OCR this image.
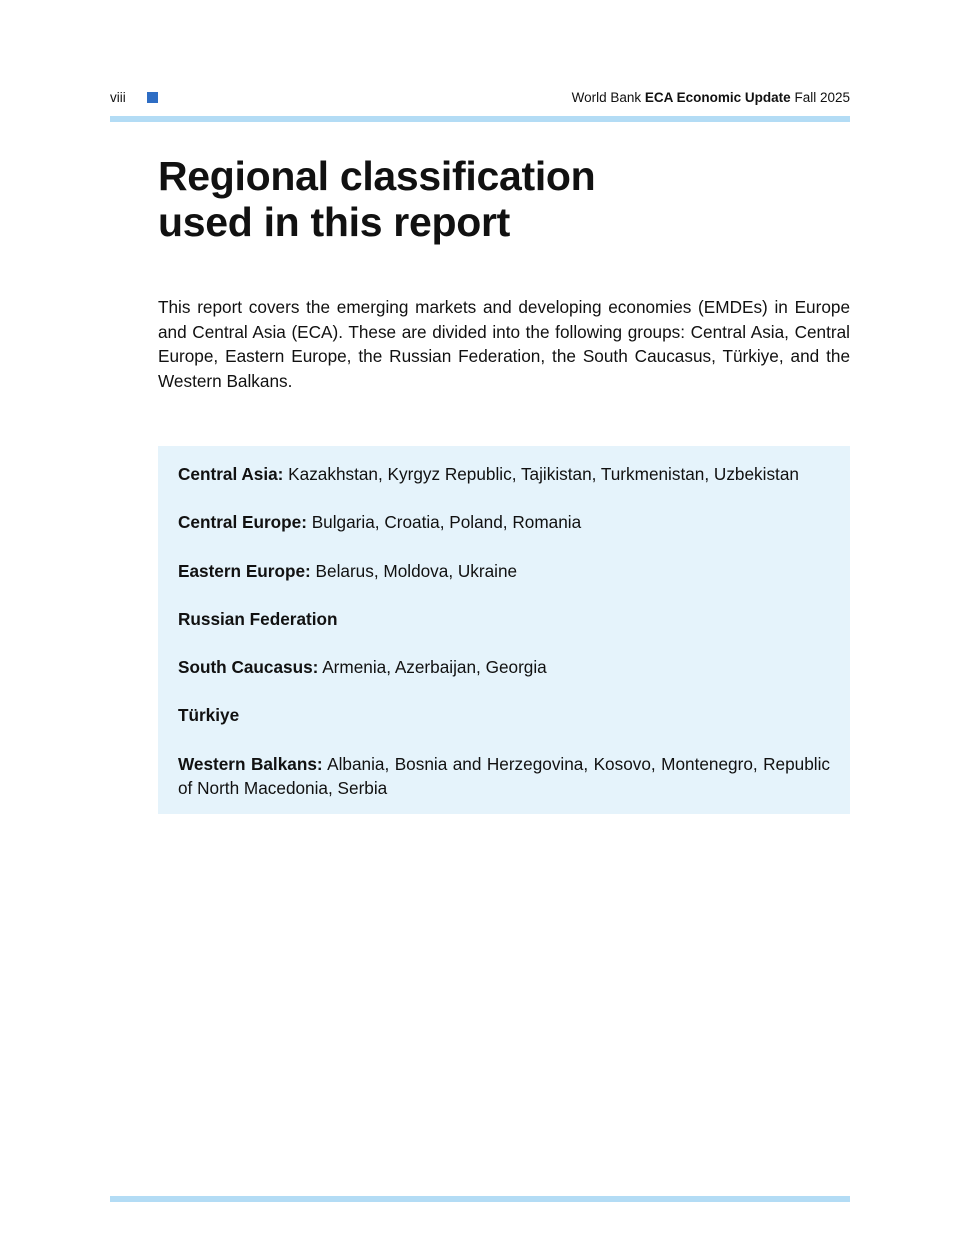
viii	World Bank ECA Economic Update Fall 2025
Regional classification
used in this report

This report covers the emerging markets and developing economies (EMDEs) in Europe and Central Asia (ECA). These are divided into the following groups: Central Asia, Central Europe, Eastern Europe, the Russian Federation, the South Caucasus, Türkiye, and the Western Balkans.

Central Asia: Kazakhstan, Kyrgyz Republic, Tajikistan, Turkmenistan, Uzbekistan

Central Europe: Bulgaria, Croatia, Poland, Romania

Eastern Europe: Belarus, Moldova, Ukraine

Russian Federation

South Caucasus: Armenia, Azerbaijan, Georgia

Türkiye

Western Balkans: Albania, Bosnia and Herzegovina, Kosovo, Montenegro, Republic of North Macedonia, Serbia
